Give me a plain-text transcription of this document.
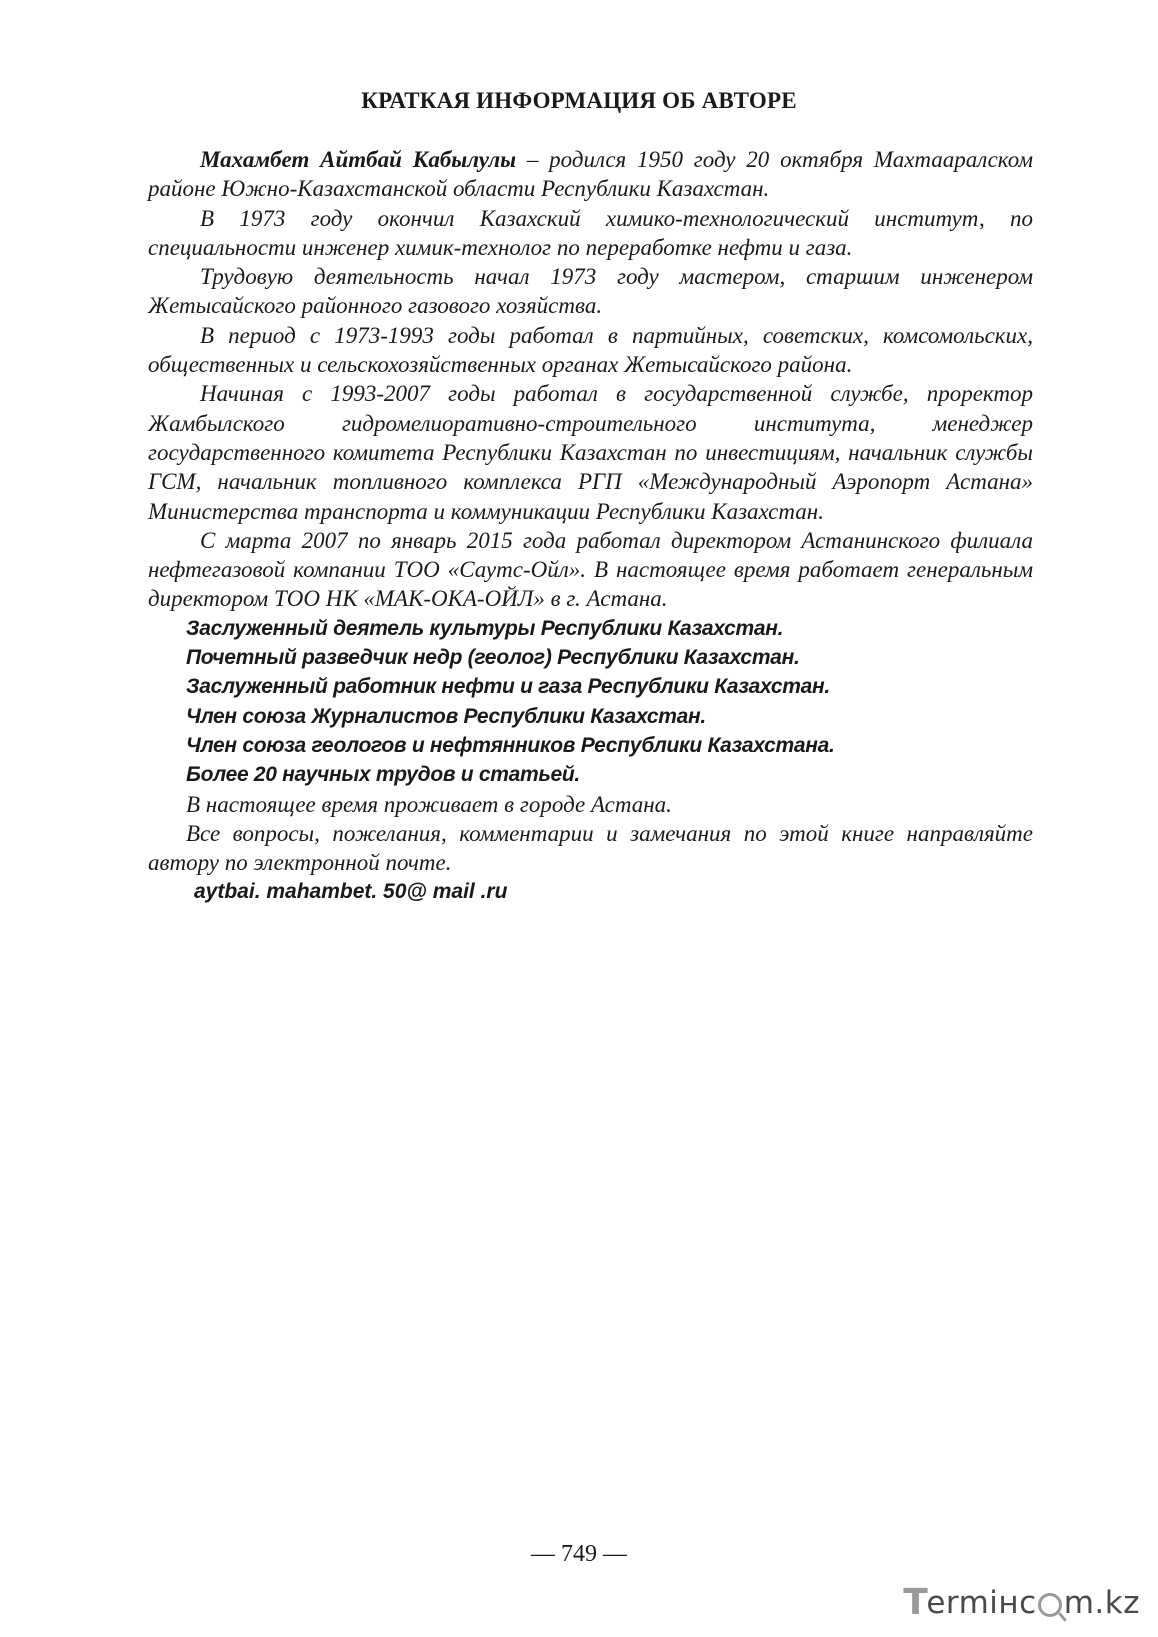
КРАТКАЯ ИНФОРМАЦИЯ ОБ АВТОРЕ

Махамбет Айтбай Кабылулы – родился 1950 году 20 октября Махтааралском районе Южно-Казахстанской области Республики Казахстан.

В 1973 году окончил Казахский химико-технологический институт, по специальности инженер химик-технолог по переработке нефти и газа.

Трудовую деятельность начал 1973 году мастером, старшим инженером Жетысайского районного газового хозяйства.

В период с 1973-1993 годы работал в партийных, советских, комсомольских, общественных и сельскохозяйственных органах Жетысайского района.

Начиная с 1993-2007 годы работал в государственной службе, проректор Жамбылского гидромелиоративно-строительного института, менеджер государственного комитета Республики Казахстан по инвестициям, начальник службы ГСМ, начальник топливного комплекса РГП «Международный Аэропорт Астана» Министерства транспорта и коммуникации Республики Казахстан.

С марта 2007 по январь 2015 года работал директором Астанинского филиала нефтегазовой компании ТОО «Саутс-Ойл». В настоящее время работает генеральным директором ТОО НК «МАК-ОКА-ОЙЛ» в г. Астана.

Заслуженный деятель культуры Республики Казахстан.
Почетный разведчик недр (геолог) Республики Казахстан.
Заслуженный работник нефти и газа Республики Казахстан.
Член союза Журналистов Республики Казахстан.
Член союза геологов и нефтянников Республики Казахстана.
Более 20 научных трудов и статьей.

В настоящее время проживает в городе Астана.

Все вопросы, пожелания, комментарии и замечания по этой книге направляйте автору по электронной почте.

aytbai. mahambet. 50@ mail .ru
— 749 —
T
ermінc m.kz
